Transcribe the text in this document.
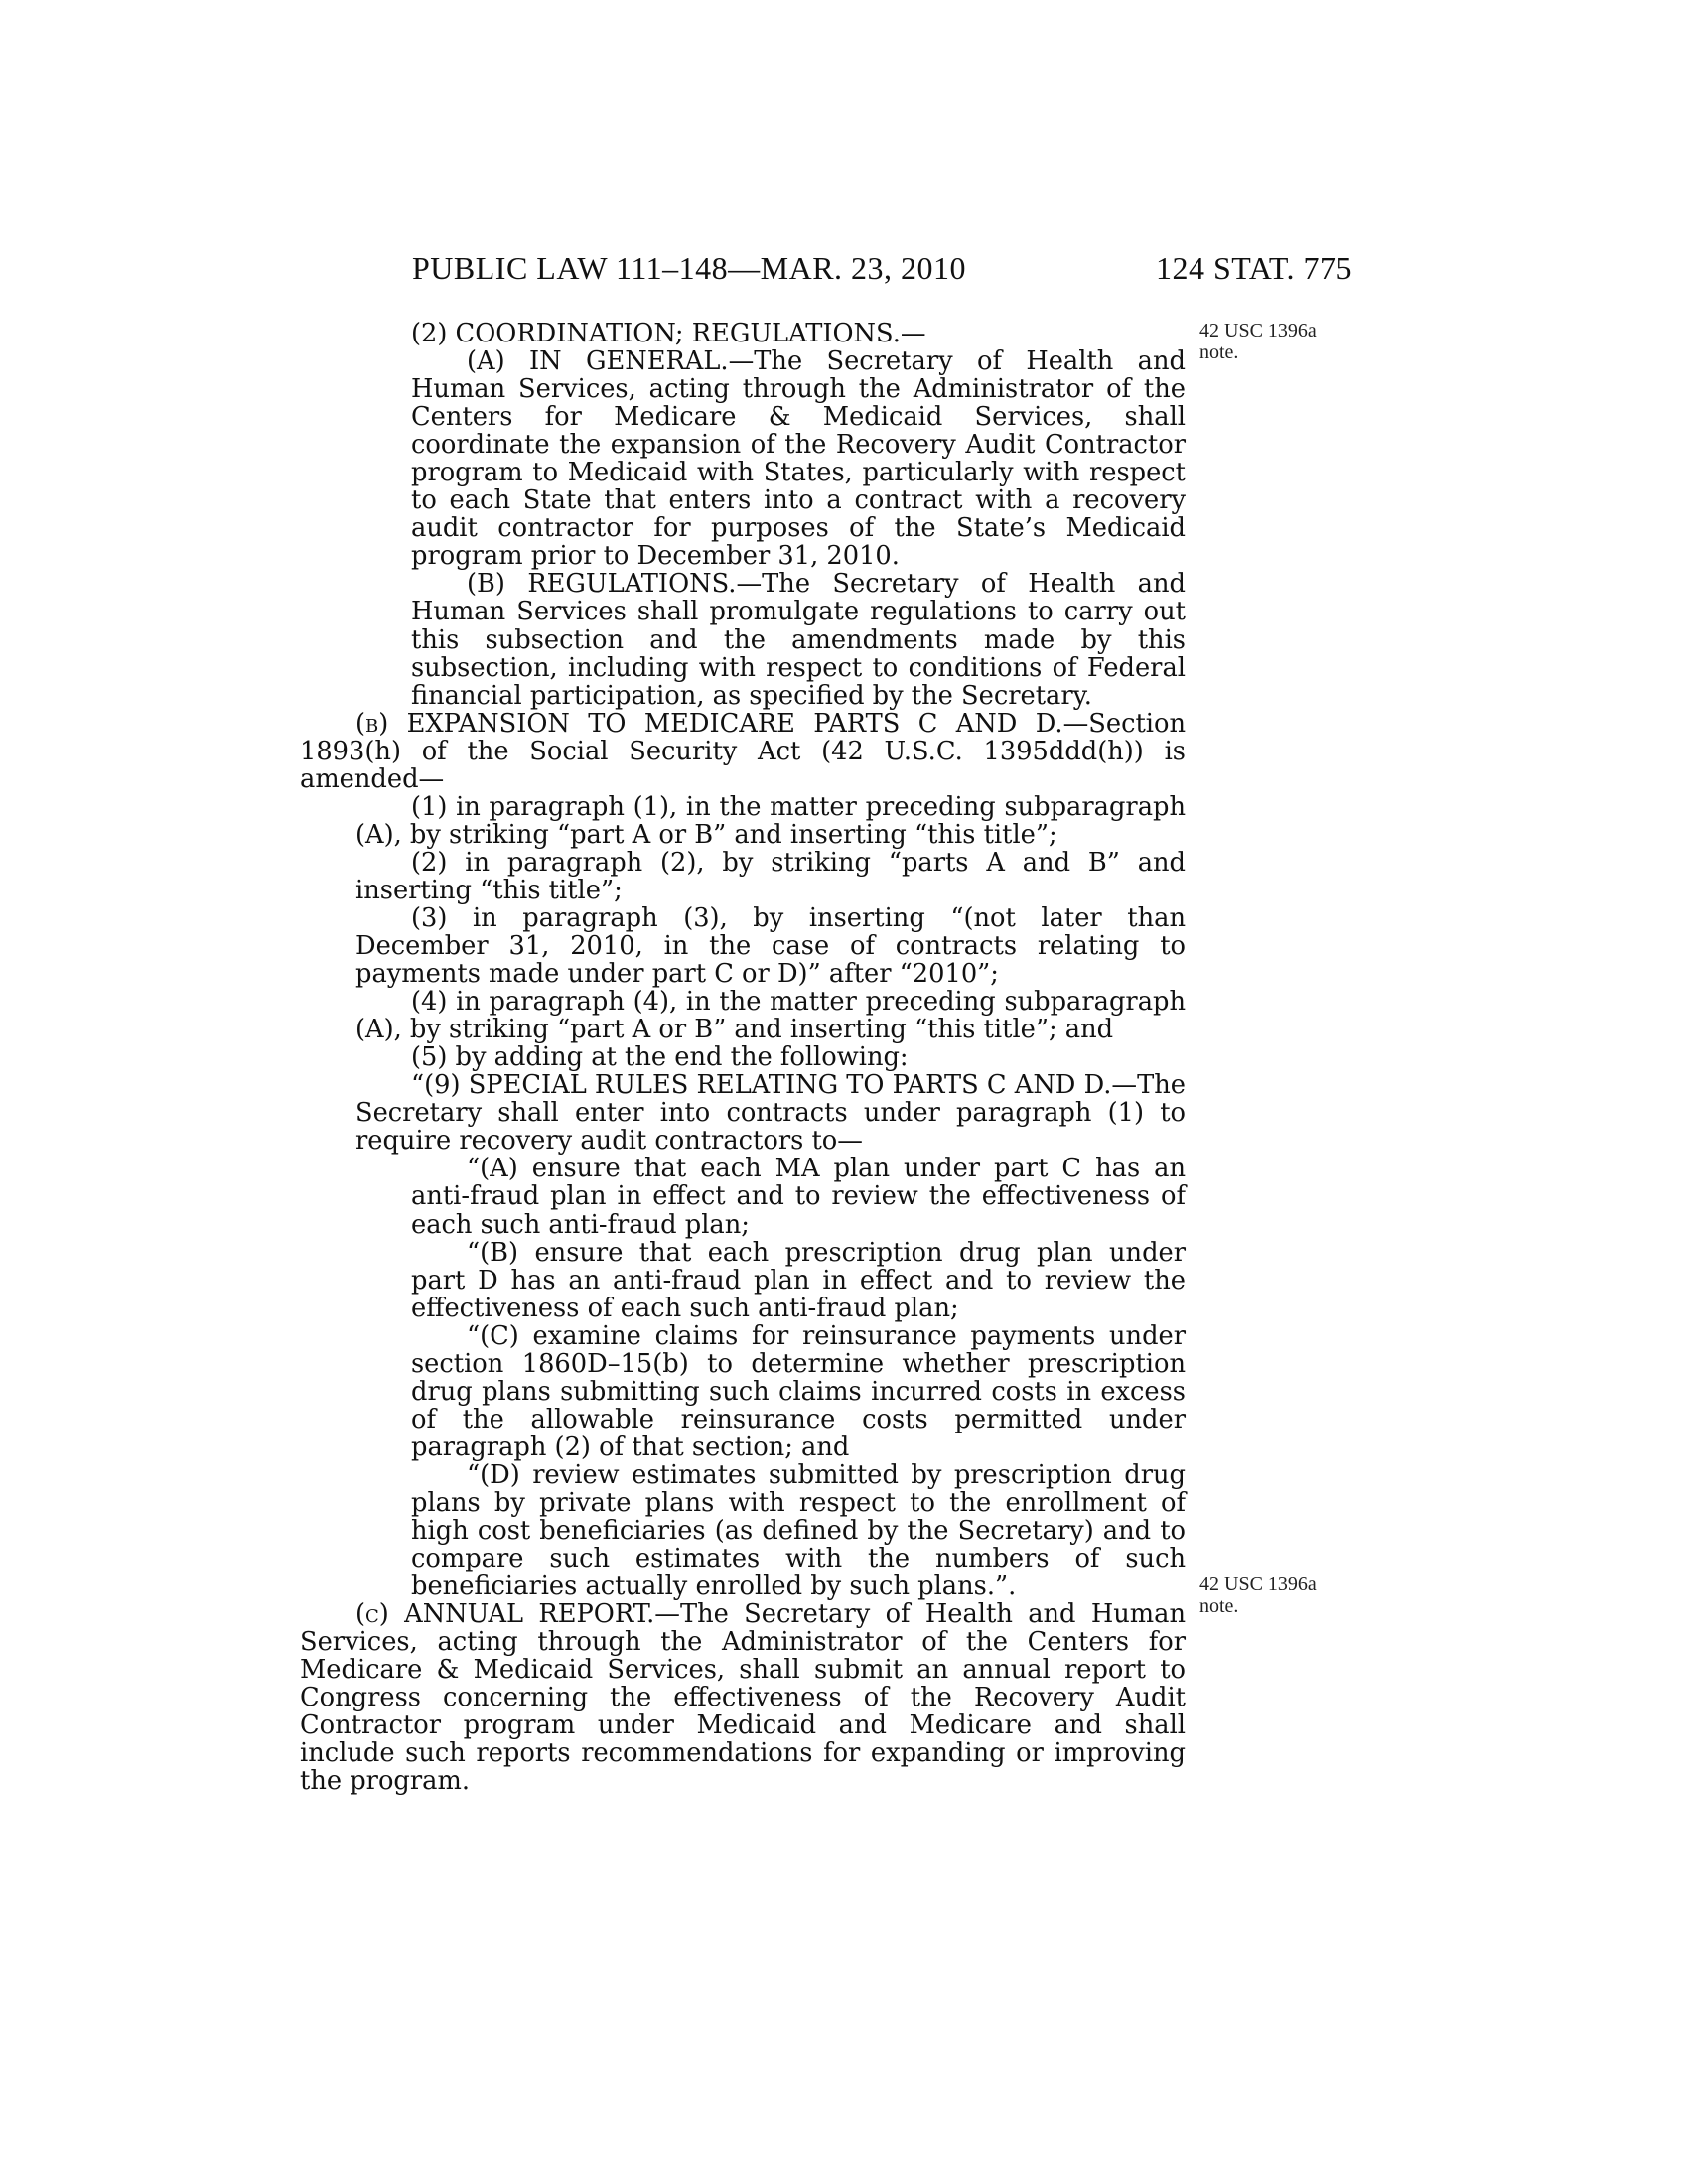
PUBLIC LAW 111–148—MAR. 23, 2010	124 STAT. 775
42 USC 1396a
note.
42 USC 1396a
note.

(2) COORDINATION; REGULATIONS.—

(A) IN GENERAL.—The Secretary of Health and Human Services, acting through the Administrator of the Centers for Medicare & Medicaid Services, shall coordinate the expansion of the Recovery Audit Contractor program to Medicaid with States, particularly with respect to each State that enters into a contract with a recovery audit contractor for purposes of the State’s Medicaid program prior to December 31, 2010.

(B) REGULATIONS.—The Secretary of Health and Human Services shall promulgate regulations to carry out this subsection and the amendments made by this subsection, including with respect to conditions of Federal financial participation, as specified by the Secretary.

(b) EXPANSION TO MEDICARE PARTS C AND D.—Section 1893(h) of the Social Security Act (42 U.S.C. 1395ddd(h)) is amended—

(1) in paragraph (1), in the matter preceding subparagraph (A), by striking “part A or B” and inserting “this title”;

(2) in paragraph (2), by striking “parts A and B” and inserting “this title”;

(3) in paragraph (3), by inserting “(not later than December 31, 2010, in the case of contracts relating to payments made under part C or D)” after “2010”;

(4) in paragraph (4), in the matter preceding subparagraph (A), by striking “part A or B” and inserting “this title”; and

(5) by adding at the end the following:

“(9) SPECIAL RULES RELATING TO PARTS C AND D.—The Secretary shall enter into contracts under paragraph (1) to require recovery audit contractors to—

“(A) ensure that each MA plan under part C has an anti-fraud plan in effect and to review the effectiveness of each such anti-fraud plan;

“(B) ensure that each prescription drug plan under part D has an anti-fraud plan in effect and to review the effectiveness of each such anti-fraud plan;

“(C) examine claims for reinsurance payments under section 1860D–15(b) to determine whether prescription drug plans submitting such claims incurred costs in excess of the allowable reinsurance costs permitted under paragraph (2) of that section; and

“(D) review estimates submitted by prescription drug plans by private plans with respect to the enrollment of high cost beneficiaries (as defined by the Secretary) and to compare such estimates with the numbers of such beneficiaries actually enrolled by such plans.”.

(c) ANNUAL REPORT.—The Secretary of Health and Human Services, acting through the Administrator of the Centers for Medicare & Medicaid Services, shall submit an annual report to Congress concerning the effectiveness of the Recovery Audit Contractor program under Medicaid and Medicare and shall include such reports recommendations for expanding or improving the program.
